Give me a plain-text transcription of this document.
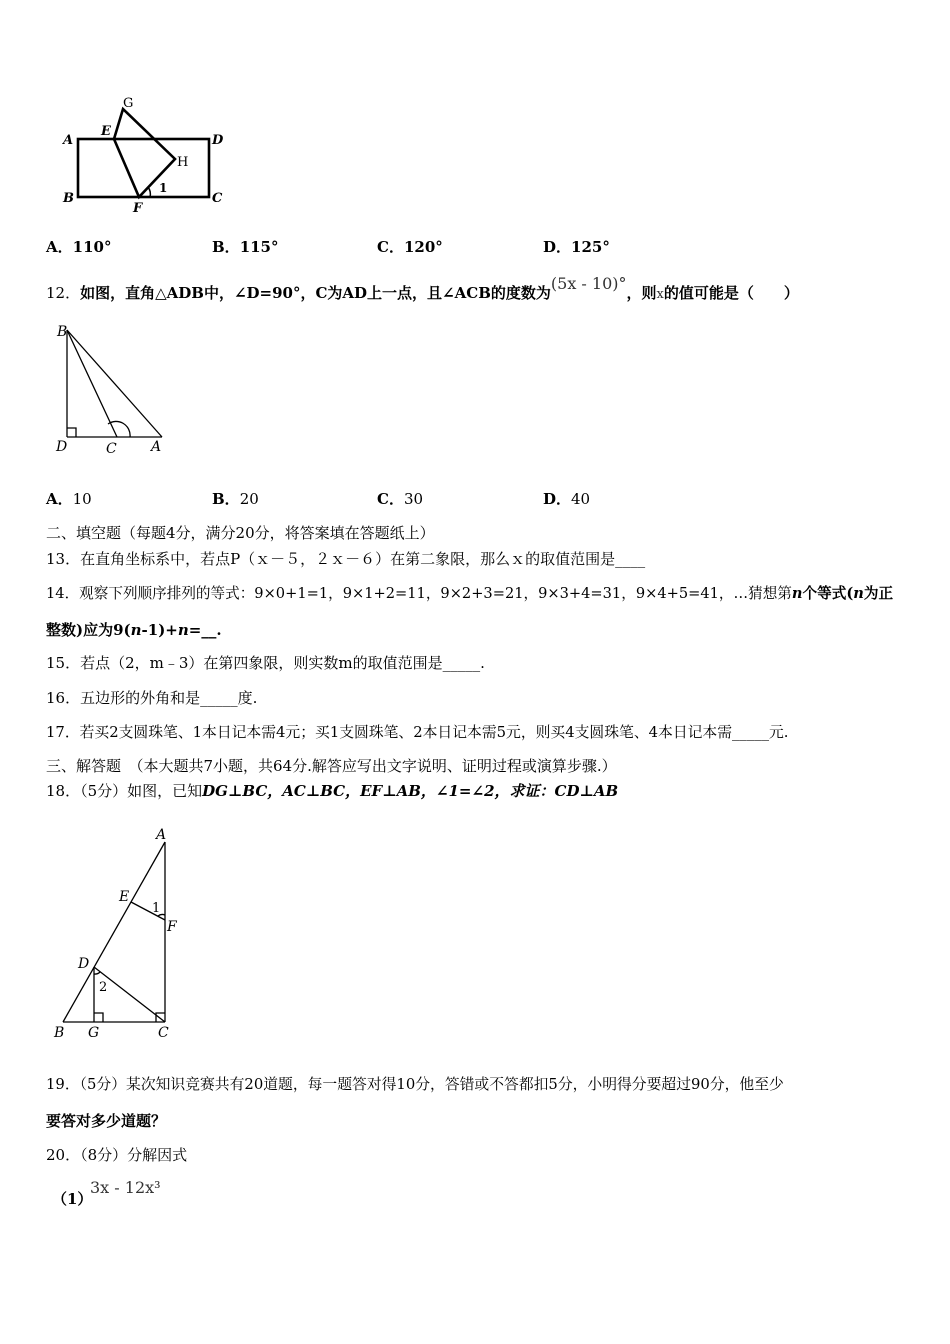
G
A
E
D
H
B
F
C
1
A．110°	B．115°	C．120°	D．125°
12．如图，直角△ADB中，∠D=90°，C为AD上一点，且∠ACB的度数为(5x - 10)°，则x的值可能是（　　）
B
D	C A
A．10	B．20	C．30	D．40
二、填空题（每题4分，满分20分，将答案填在答题纸上）
13．在直角坐标系中，若点P（ｘ－５，２ｘ－６）在第二象限，那么ｘ的取值范围是____
14．观察下列顺序排列的等式：9×0+1=1，9×1+2=11，9×2+3=21，9×3+4=31，9×4+5=41，…猜想第n个等式(n为正
整数)应为9(n-1)+n=__.
15．若点（2，m﹣3）在第四象限，则实数m的取值范围是_____.
16．五边形的外角和是_____度.
17．若买2支圆珠笔、1本日记本需4元；买1支圆珠笔、2本日记本需5元，则买4支圆珠笔、4本日记本需_____元.
三、解答题　（本大题共7小题，共64分.解答应写出文字说明、证明过程或演算步骤.）
18．（5分）如图，已知DG⊥BC，AC⊥BC，EF⊥AB，∠1=∠2，求证：CD⊥AB
A
E
1
F
D
2
B G	C
19．（5分）某次知识竞赛共有20道题，每一题答对得10分，答错或不答都扣5分，小明得分要超过90分，他至少
要答对多少道题？
20．（8分）分解因式
（1）
3x - 12x³
